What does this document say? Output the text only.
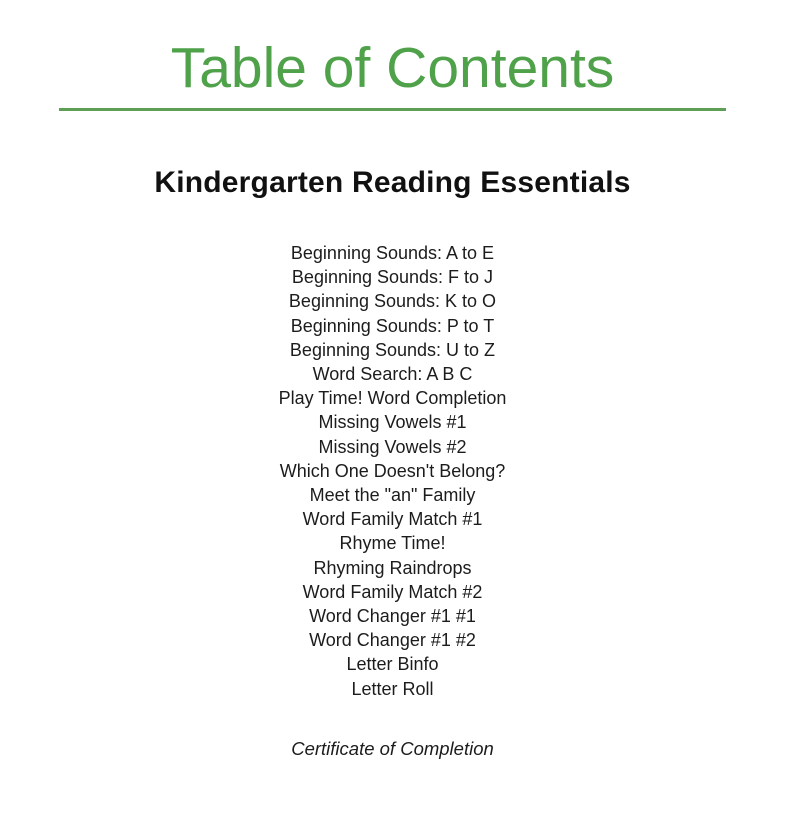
Table of Contents
Kindergarten Reading Essentials
Beginning Sounds: A to E
Beginning Sounds: F to J
Beginning Sounds: K to O
Beginning Sounds: P to T
Beginning Sounds: U to Z
Word Search: A B C
Play Time! Word Completion
Missing Vowels #1
Missing Vowels #2
Which One Doesn't Belong?
Meet the "an" Family
Word Family Match #1
Rhyme Time!
Rhyming Raindrops
Word Family Match #2
Word Changer #1 #1
Word Changer #1 #2
Letter Binfo
Letter Roll
Certificate of Completion
